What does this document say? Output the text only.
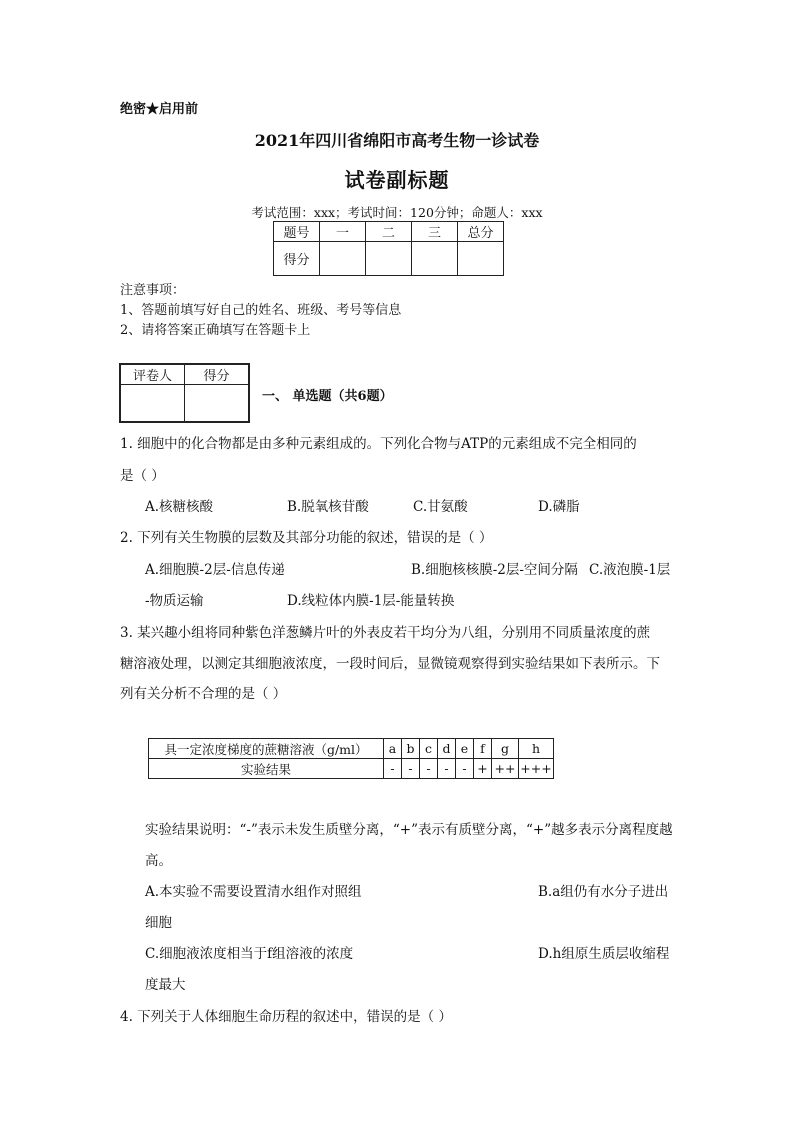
绝密★启用前
2021年四川省绵阳市高考生物一诊试卷
试卷副标题
考试范围：xxx；考试时间：120分钟；命题人：xxx
题号	一	二	三	总分
得分				
注意事项：
1、答题前填写好自己的姓名、班级、考号等信息
2、请将答案正确填写在答题卡上
评卷人	得分

一、 单选题（共6题）
1. 细胞中的化合物都是由多种元素组成的。下列化合物与ATP的元素组成不完全相同的
是（ ）
A.核糖核酸	B.脱氧核苷酸	C.甘氨酸	D.磷脂
2. 下列有关生物膜的层数及其部分功能的叙述，错误的是（ ）
A.细胞膜-2层-信息传递	B.细胞核核膜-2层-空间分隔 C.液泡膜-1层
-物质运输	D.线粒体内膜-1层-能量转换
3. 某兴趣小组将同种紫色洋葱鳞片叶的外表皮若干均分为八组，分别用不同质量浓度的蔗
糖溶液处理，以测定其细胞液浓度，一段时间后，显微镜观察得到实验结果如下表所示。下
列有关分析不合理的是（ ）
具一定浓度梯度的蔗糖溶液（g/ml）	a	b	c	d	e	f	g	h
实验结果	-	-	-	-	-	+	++	+++
实验结果说明：“-”表示未发生质壁分离，“+”表示有质壁分离，“+”越多表示分离程度越
高。
A.本实验不需要设置清水组作对照组	B.a组仍有水分子进出
细胞
C.细胞液浓度相当于f组溶液的浓度	D.h组原生质层收缩程
度最大
4. 下列关于人体细胞生命历程的叙述中，错误的是（ ）
